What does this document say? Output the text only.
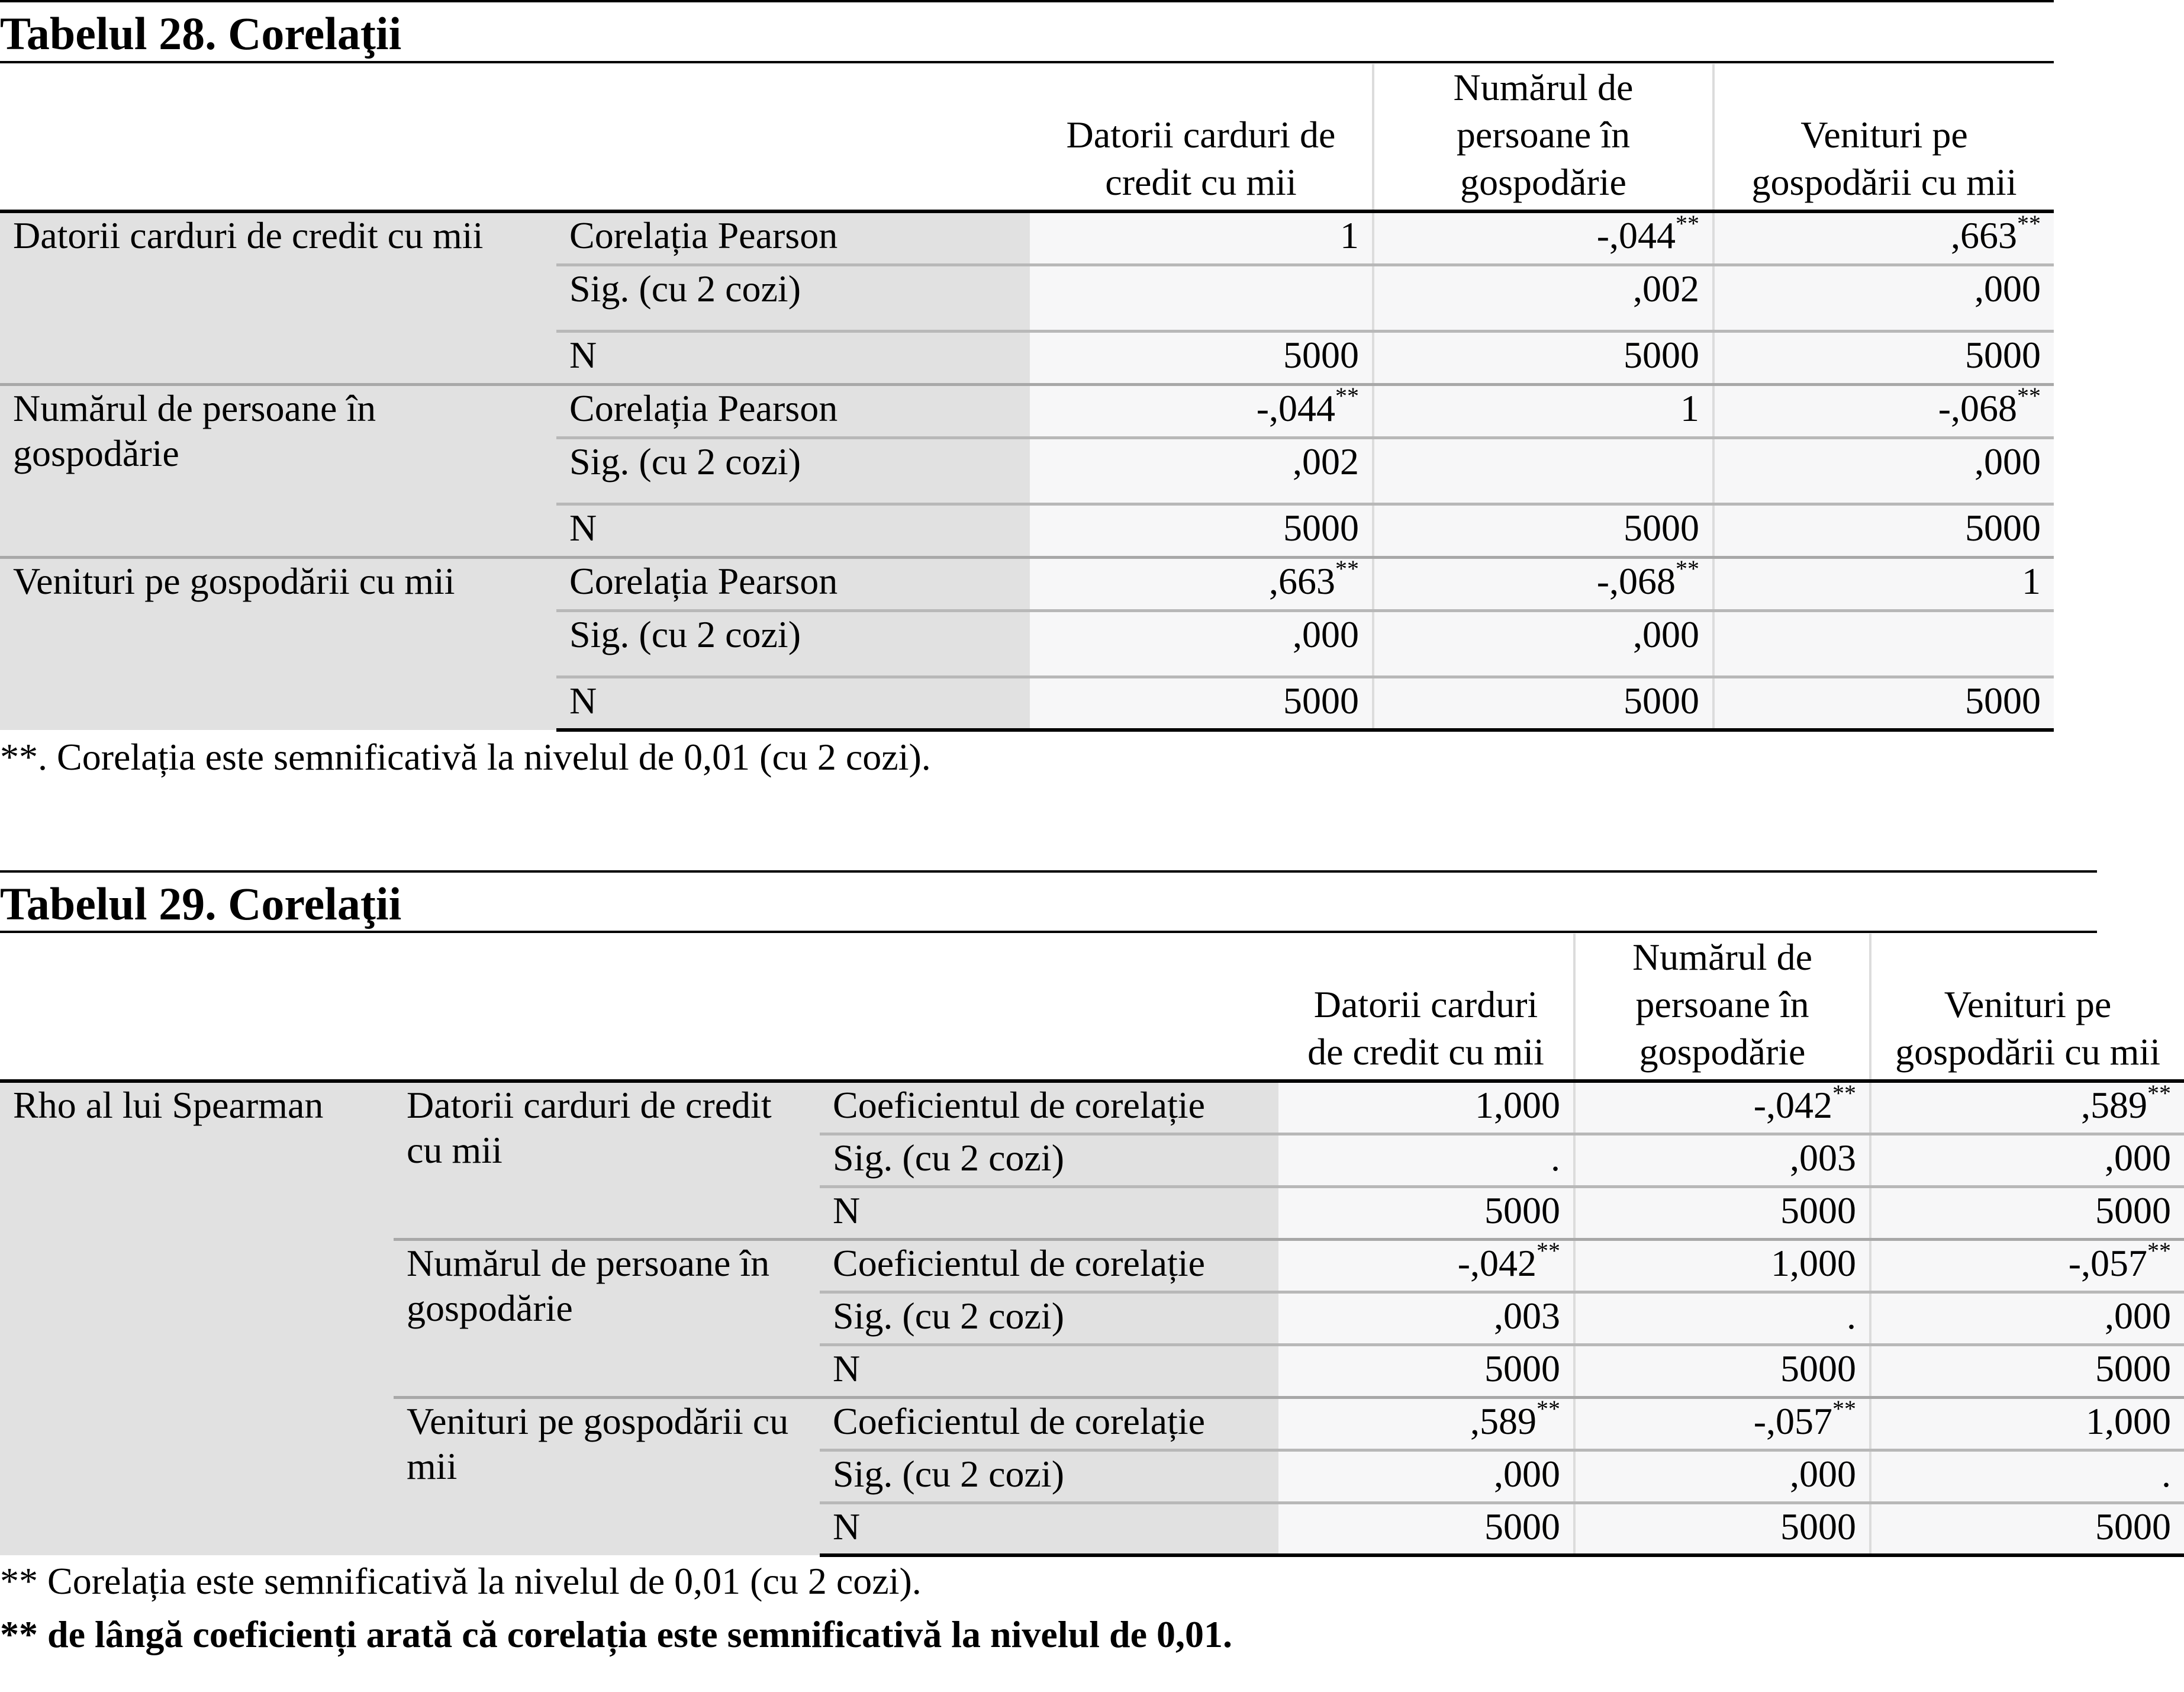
Tabelul 28. Corelaţii
		Datorii carduri de credit cu mii	Numărul de persoane în gospodărie	Venituri pe gospodării cu mii
Datorii carduri de credit cu mii	Corelația Pearson	1	-,044**	,663**
	Sig. (cu 2 cozi)		,002	,000
	N	5000	5000	5000
Numărul de persoane în gospodărie	Corelația Pearson	-,044**	1	-,068**
	Sig. (cu 2 cozi)	,002		,000
	N	5000	5000	5000
Venituri pe gospodării cu mii	Corelația Pearson	,663**	-,068**	1
	Sig. (cu 2 cozi)	,000	,000	
	N	5000	5000	5000
**. Corelația este semnificativă la nivelul de 0,01 (cu 2 cozi).
Tabelul 29. Corelaţii
			Datorii carduri de credit cu mii	Numărul de persoane în gospodărie	Venituri pe gospodării cu mii
Rho al lui Spearman	Datorii carduri de credit cu mii	Coeficientul de corelație	1,000	-,042**	,589**
		Sig. (cu 2 cozi)	.	,003	,000
		N	5000	5000	5000
	Numărul de persoane în gospodărie	Coeficientul de corelație	-,042**	1,000	-,057**
		Sig. (cu 2 cozi)	,003	.	,000
		N	5000	5000	5000
	Venituri pe gospodării cu mii	Coeficientul de corelație	,589**	-,057**	1,000
		Sig. (cu 2 cozi)	,000	,000	.
		N	5000	5000	5000
** Corelația este semnificativă la nivelul de 0,01 (cu 2 cozi).
** de lângă coeficienți arată că corelația este semnificativă la nivelul de 0,01.
